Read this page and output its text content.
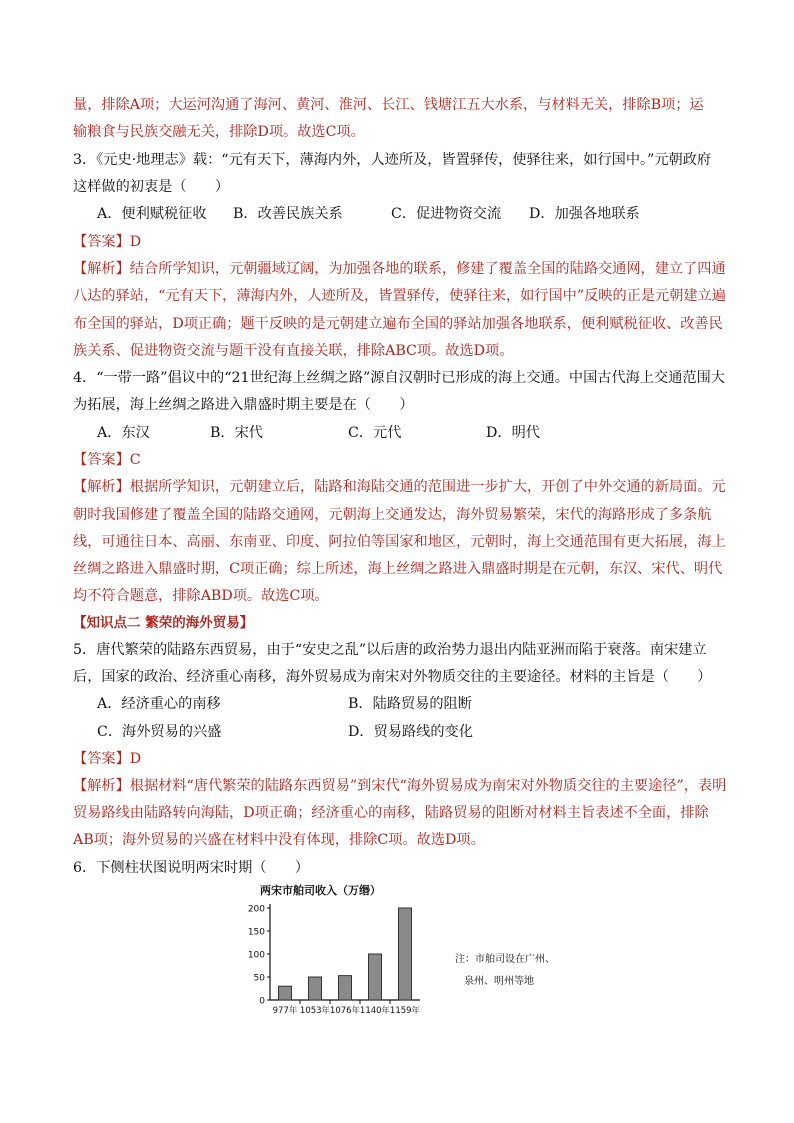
量，排除A项；大运河沟通了海河、黄河、淮河、长江、钱塘江五大水系，与材料无关，排除B项；运
输粮食与民族交融无关，排除D项。故选C项。
3．《元史·地理志》载：“元有天下，薄海内外，人迹所及，皆置驿传，使驿往来，如行国中。”元朝政府
这样做的初衷是（　　）
A．便利赋税征收 B．改善民族关系	C．促进物资交流 D．加强各地联系
【答案】D
【解析】结合所学知识，元朝疆域辽阔，为加强各地的联系，修建了覆盖全国的陆路交通网，建立了四通
八达的驿站，“元有天下，薄海内外，人迹所及，皆置驿传，使驿往来，如行国中”反映的正是元朝建立遍
布全国的驿站，D项正确；题干反映的是元朝建立遍布全国的驿站加强各地联系，便利赋税征收、改善民
族关系、促进物资交流与题干没有直接关联，排除ABC项。故选D项。
4．“一带一路”倡议中的“21世纪海上丝绸之路”源自汉朝时已形成的海上交通。中国古代海上交通范围大
为拓展，海上丝绸之路进入鼎盛时期主要是在（　　）
A．东汉	B．宋代	C．元代	D．明代
【答案】C
【解析】根据所学知识，元朝建立后，陆路和海陆交通的范围进一步扩大，开创了中外交通的新局面。元
朝时我国修建了覆盖全国的陆路交通网，元朝海上交通发达，海外贸易繁荣，宋代的海路形成了多条航
线，可通往日本、高丽、东南亚、印度、阿拉伯等国家和地区，元朝时，海上交通范围有更大拓展，海上
丝绸之路进入鼎盛时期，C项正确；综上所述，海上丝绸之路进入鼎盛时期是在元朝，东汉、宋代、明代
均不符合题意，排除ABD项。故选C项。
【知识点二 繁荣的海外贸易】
5．唐代繁荣的陆路东西贸易，由于“安史之乱”以后唐的政治势力退出内陆亚洲而陷于衰落。南宋建立
后，国家的政治、经济重心南移，海外贸易成为南宋对外物质交往的主要途径。材料的主旨是（　　）
A．经济重心的南移	B．陆路贸易的阻断
C．海外贸易的兴盛	D．贸易路线的变化
【答案】D
【解析】根据材料“唐代繁荣的陆路东西贸易”到宋代“海外贸易成为南宋对外物质交往的主要途径”，表明
贸易路线由陆路转向海陆，D项正确；经济重心的南移，陆路贸易的阻断对材料主旨表述不全面，排除
AB项；海外贸易的兴盛在材料中没有体现，排除C项。故选D项。
6．下侧柱状图说明两宋时期（　　）
两宋市舶司收入（万缗）
0
50
100
150
200
977年 1053年 1076年 1140年 1159年
注：市舶司设在广州、
泉州、明州等地
